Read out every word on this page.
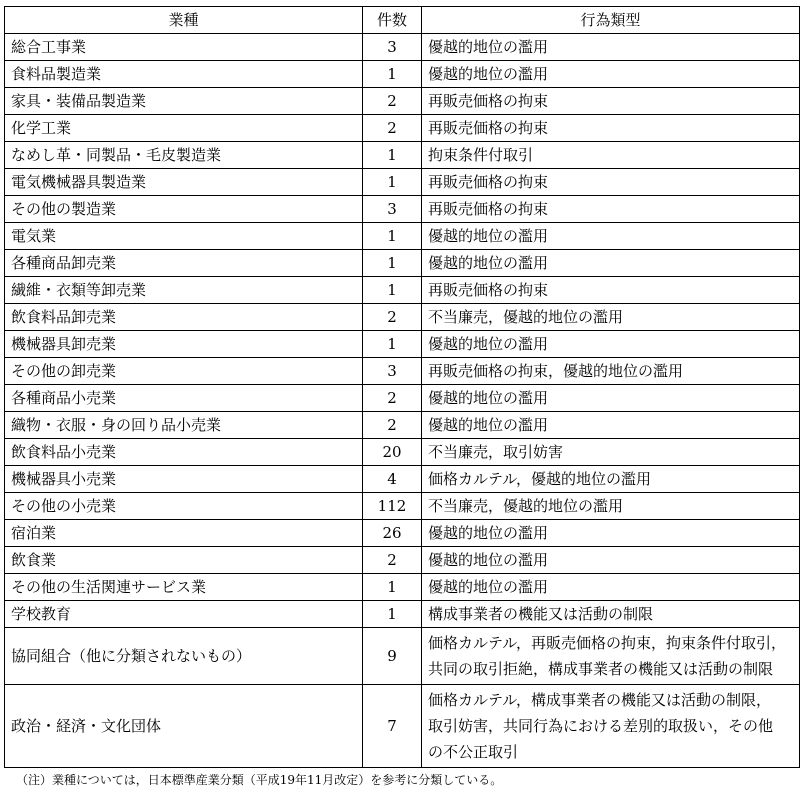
業種	件数	行為類型
総合工事業	3	優越的地位の濫用

食料品製造業	1	優越的地位の濫用

家具・装備品製造業	2	再販売価格の拘束

化学工業	2	再販売価格の拘束

なめし革・同製品・毛皮製造業	1	拘束条件付取引

電気機械器具製造業	1	再販売価格の拘束

その他の製造業	3	再販売価格の拘束

電気業	1	優越的地位の濫用

各種商品卸売業	1	優越的地位の濫用

繊維・衣類等卸売業	1	再販売価格の拘束

飲食料品卸売業	2	不当廉売，優越的地位の濫用

機械器具卸売業	1	優越的地位の濫用

その他の卸売業	3	再販売価格の拘束，優越的地位の濫用

各種商品小売業	2	優越的地位の濫用

織物・衣服・身の回り品小売業	2	優越的地位の濫用

飲食料品小売業	20	不当廉売，取引妨害

機械器具小売業	4	価格カルテル，優越的地位の濫用

その他の小売業	112	不当廉売，優越的地位の濫用

宿泊業	26	優越的地位の濫用

飲食業	2	優越的地位の濫用

その他の生活関連サービス業	1	優越的地位の濫用

学校教育	1	構成事業者の機能又は活動の制限

協同組合（他に分類されないもの）	9	価格カルテル，再販売価格の拘束，拘束条件付取引，
共同の取引拒絶，構成事業者の機能又は活動の制限

政治・経済・文化団体	7	価格カルテル，構成事業者の機能又は活動の制限，
取引妨害，共同行為における差別的取扱い，その他
の不公正取引
（注）業種については，日本標準産業分類（平成19年11月改定）を参考に分類している。
